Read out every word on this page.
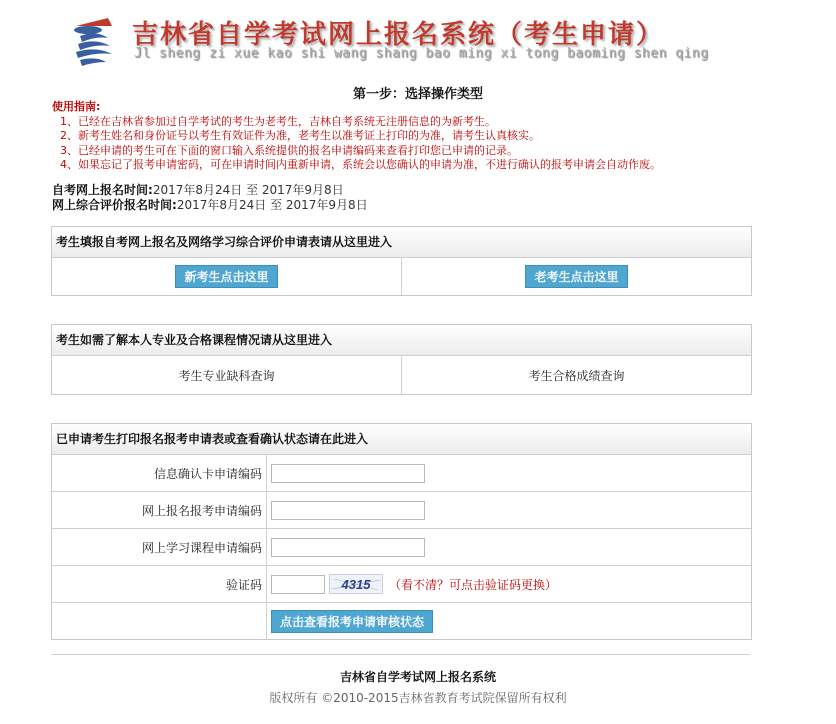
吉林省自学考试网上报名系统（考生申请）
Jl sheng zi xue kao shi wang shang bao ming xi tong baoming shen qing
第一步：选择操作类型
使用指南:
1、已经在吉林省参加过自学考试的考生为老考生，吉林自考系统无注册信息的为新考生。
2、新考生姓名和身份证号以考生有效证件为准，老考生以准考证上打印的为准，请考生认真核实。
3、已经申请的考生可在下面的窗口输入系统提供的报名申请编码来查看打印您已申请的记录。
4、如果忘记了报考申请密码，可在申请时间内重新申请，系统会以您确认的申请为准，不进行确认的报考申请会自动作废。
自考网上报名时间:2017年8月24日 至 2017年9月8日
网上综合评价报名时间:2017年8月24日 至 2017年9月8日
考生填报自考网上报名及网络学习综合评价申请表请从这里进入
新考生点击这里	老考生点击这里
考生如需了解本人专业及合格课程情况请从这里进入
考生专业缺科查询	考生合格成绩查询
已申请考生打印报名报考申请表或查看确认状态请在此进入
信息确认卡申请编码
网上报名报考申请编码
网上学习课程申请编码
验证码	4315 （看不清？可点击验证码更换）
点击查看报考申请审核状态
吉林省自学考试网上报名系统
版权所有 ©2010-2015吉林省教育考试院保留所有权利
